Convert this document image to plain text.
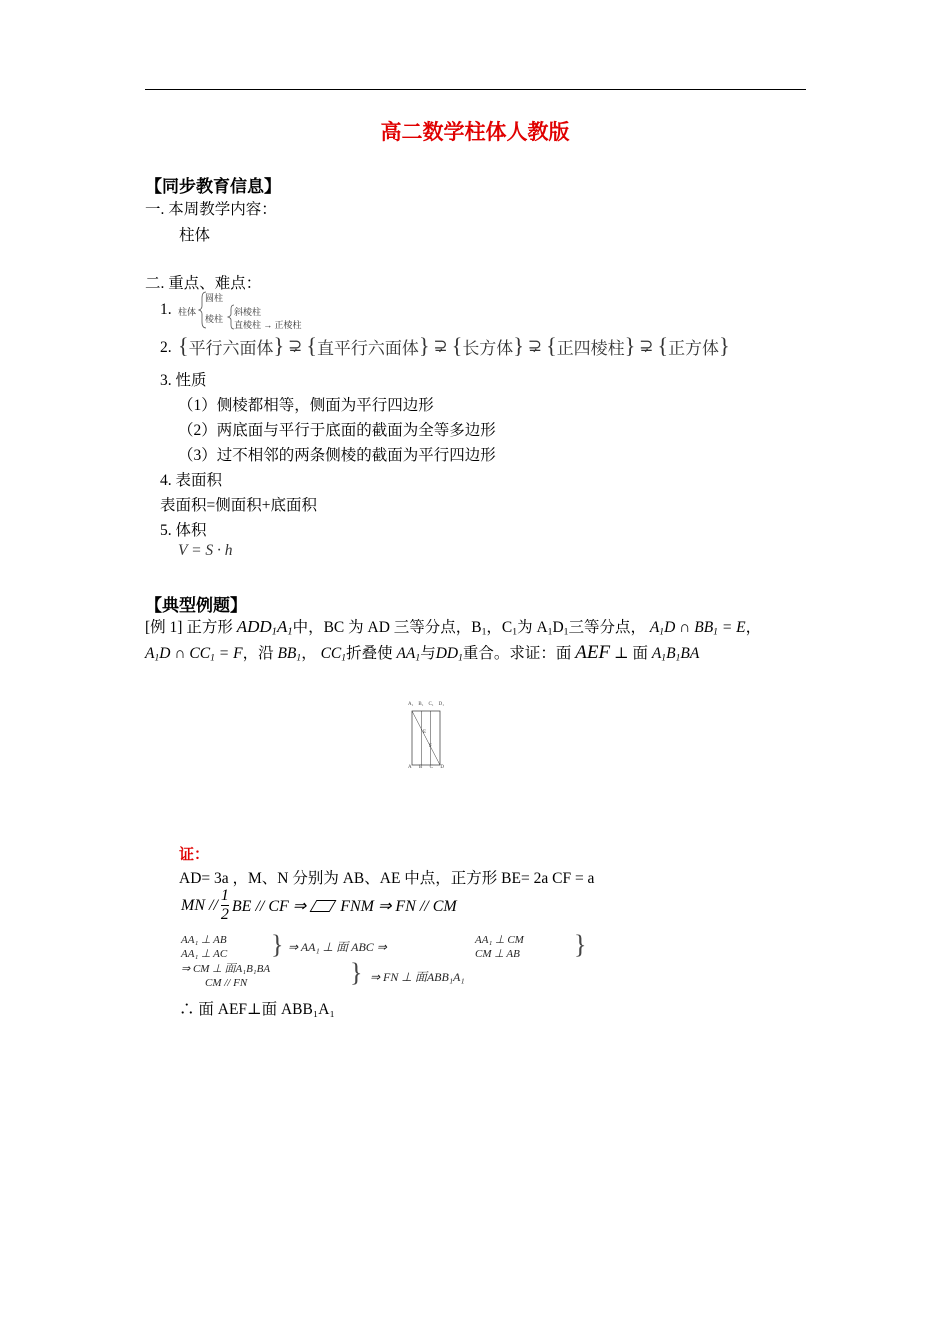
高二数学柱体人教版
【同步教育信息】
一. 本周教学内容：
柱体
二. 重点、难点：
1. 柱体
圆柱
棱柱
斜棱柱
直棱柱 → 正棱柱
2. { 平行六面体 } ⊋ { 直平行六面体 } ⊋ { 长方体 } ⊋ { 正四棱柱 } ⊋ { 正方体 }
3. 性质
（1）侧棱都相等，侧面为平行四边形
（2）两底面与平行于底面的截面为全等多边形
（3）过不相邻的两条侧棱的截面为平行四边形
4. 表面积
表面积=侧面积+底面积
5. 体积
V = S · h
【典型例题】
[例 1] 正方形 $ADD_1A_1$中，BC 为 AD 三等分点，$B_1$，$C_1$为 $A_1D_1$三等分点， $A_1D$ ∩ $BB_1 = E$，
$A_1D$ ∩ $CC_1 = F$，沿 $BB_1$， $CC_1$折叠使 $AA_1$与$DD_1$重合。求证：面 AEF ⊥ 面 $A_1B_1BA$
A₁ B₁ C₁ D₁
E
F
A B C D
证：
AD= 3a ，M、N 分别为 AB、AE 中点，正方形 BE= 2a CF = a
MN // $\frac{1}{2}$ BE // CF ⇒ FNM ⇒ FN // CM
AA₁ ⊥ AB
AA₁ ⊥ AC } ⇒ AA₁ ⊥ 面 ABC ⇒	AA₁ ⊥ CM
CM ⊥ AB }
⇒ CM ⊥ 面A₁B₁BA
CM // FN	} ⇒ FN ⊥ 面ABB₁A₁
∴ 面 AEF⊥面 ABB₁A₁
